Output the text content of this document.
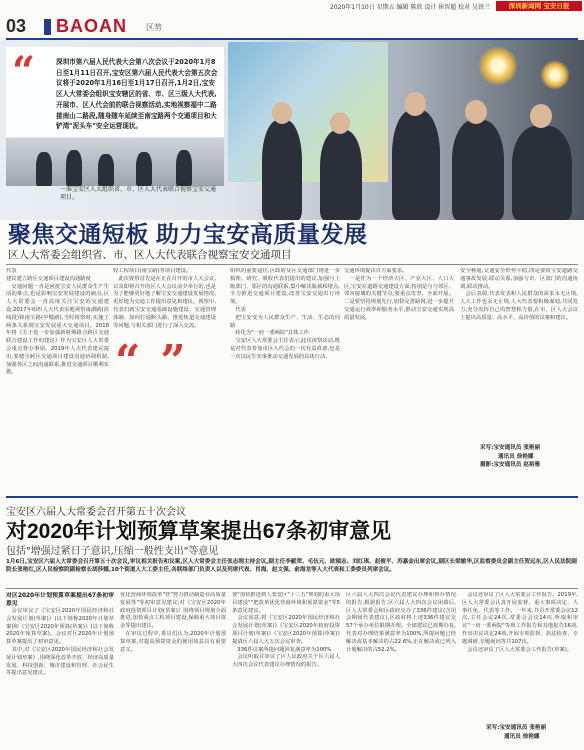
2020年1月10日 星期五 编辑 陈欣 设计 崔智超 校对 吴铁兰	深圳新闻网 宝安日报
03 BAOAN 区势
“	深圳市第六届人民代表大会第八次会议于2020年1月8日至1月11日召开,宝安区第六届人民代表大会第五次会议将于2020年1月16日至1月17日召开,1月2日,宝安区人大常委会组织宝安辖区的省、市、区三级人大代表,开展市、区人代会前的联合视察活动,实地视察福中二路接南山二路段,随身随车延续至南宝路两个交通项目和大铲湾"泥头车"安全运营现状。
一准宝安区人大组织省、市、区人大代表联合视察宝安交通项目。
聚焦交通短板 助力宝安高质量发展
区人大常委会组织省、市、区人大代表联合视察宝安交通项目
代表
建议建立跨区交通项目建设沟通制度
　交通问题一直是困扰宝安人民群众生产生活的难点,也是影响宝安发展建设的痛点,区人大常委会一直高度关注宝安的交通建设,2017年组织人大代表实地视察南湖路(沿线段)和南宝路(中缝路),当时视察时,实施了两条关系到宝安发展重大交通项目。2018年将《关于进一步加强新时期路合跨区交通联合建设工作的建议》作为宝安区人大常委会重点督办事项。2019年人大代表建议提出,要健全跨区交通项目建设沟通协调机制,加强各区之间沟通联系,推进交通项目顺利实施。
较工程项目(南宝路)等项目建设。
　此次视察首先是在正在召开的市人大会议,以及即将召开的区人大会议前夕举行的,也是为了能够更好地了解宝安交通建设发展情况,更好地为交通工作提出意见和建议。视察中,代表们就宝安交通基础设施建设、交通管理体制、如何打通断头路、推进轨道交通建设等问题,与相关部门进行了深入交流。
“ ”
组织的重要途径,区政府及区交通部门将进一步梳理、研究、吸收代表们提出的建议,加强与上级部门、邻区的沟通联系,集中解决瓶颈和堵点,全力推进交通项目建设,改善宝安交通出行环境。
　代表
　把宝安变为人民群众生产、生活、生态的同路
　转化为"一府一委两院"具体工作
　宝安区人大常委会主任表示,此次视察活动,既是对代表参加市区人代会的一次有益准备,也是一次以民生实事推动交通发展的具体行动。
交通环境提出百方面要求。
　一是作为一个经济大区、产业大区、人口大区,宝安在道路交通建设方面,特别是与与邻区、邻市接壤的关键节点,要重点攻坚、全面开展。二是要坚持规划先行,加快完善路网,进一步提升交通运行效率和服务水平,推动宝安交通实现高质量发展。
安全畅通,交通安全形势平稳,四是要组宝安道路交通事故发展,联动关系,加强与市、区部门的沟通协调,联动推动。
　会后表调,代表发表和人民群众的需求永无止境,人大工作也永无止境,人大代表要积极谋划,共同发力,充分发挥自己的智慧和力量,在市、区人大会议上提出高质量、高水平、高价值的议案和建议。
采写:宝安通讯员 张艳丽
通讯员 徐艳娜
摄影:宝安通讯员 赵裕雅
宝安区六届人大常委会召开第五十次会议
对2020年计划预算草案提出67条初审意见
包括"增强过紧日子意识,压缩一般性支出"等意见
1月6日,宝安区六届人大常委会召开第五十次会议,审议相关报告和议案,区人大常委会主任张志刚主持会议,副主任李献荣、毛伍元、欧瑞志、刘红琪、赵俊平、苏嘉金出席会议,副区长梁敏华,区监察委员会副主任贺远东,区人民法院副院长张艳红,区人民检察院副检察长胡莎娜,10个街道人大工委主任,各联络部门负责人以及列席代表、肖海、赵文强、俞海龙等人大代表和工委委员列席会议。
对区2020年计划预算草案提出67条初审意见
　会议审议了《宝安区2020年国民经济和社会发展计划(草案)》(以下简称2020年计划草案)和《宝安区2020年预算(草案)》(以下简称2020年预算草案)。会议对区2020年计划预算草案提出了初审意见。
　其中,对《宝安区2020年国民经济和社会发展计划草案》,围绕深化改革开放、经济高质量发展、科技创新、城市建设和管理、社会民生等提出意见建议。
优化营商环境改革"营"努力推动制造业高质量发展等"等初审意见建议;对《宝安区2020年政府投资项目计划(草案)》围绕项目规划全面推进,加快重点工程项目建设,保障重大项目资金等提出建议。
　在审议过程中,委员们认为,2020年计划预算草案,对提高预算资金的使用效益具有重要意义。
要"加快推进到人变变区"十三五"规划的重大项目建设""把改革优化营商环境和预算资金"等5条意见建议。
　会议同意,将《宝安区2020年国民经济和社会发展计划(草案)》《宝安区2020年政府投资项目计划(草案)》《宝安区2020年预算(草案)》提请区六届人大五次会议审查。
　336件议案所提问题回复满意率为100%
　会议听取并审议了区人民政府关于区六届人大四次会议代表建议办理情况的报告。
区六届人大四次会议代表建议办理和督办情况的报告,根据报告,区六届人大四次会议闭幕后,区人大常委会和区政府交办了336件建议(含闭会期间代表建议),区政府将上述336件建议交57个承办单位限期办理。全部建议已按期办复,代表对办理结果满意率为100%,所提问题已经解决或基本解决的占22.6%,正在解决或已列入计划解决的占52.2%。
　会议还审议了区人大常委会工作报告。2019年,区人大常委会认真开展监督、重大事项决定、人事任免、代表等工作。一年来,共召开常委会议12次,主任会议24次,常委会会议14次,听取和审议"一府一委两院"等项工作报告和其他报告16项,作出决议决定24项,开展专项监督、执法检查、专题调研,专题询问等共107次。
　会议还审议了区人大常委会工作报告(草案)。
采写:宝安通讯员 张艳丽
通讯员 徐艳娜
